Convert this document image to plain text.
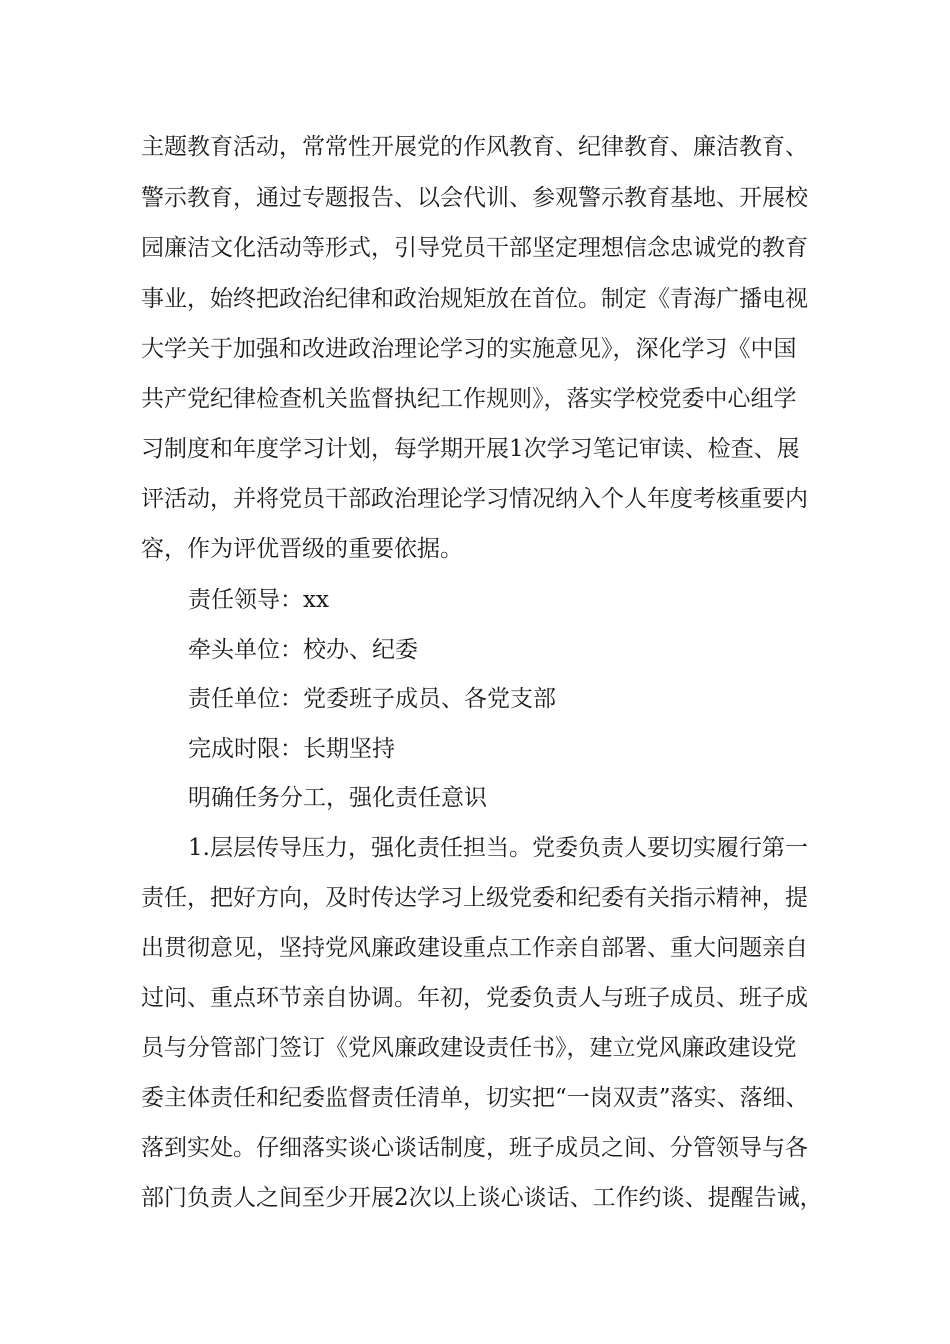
主题教育活动，常常性开展党的作风教育、纪律教育、廉洁教育、
警示教育，通过专题报告、以会代训、参观警示教育基地、开展校
园廉洁文化活动等形式，引导党员干部坚定理想信念忠诚党的教育
事业，始终把政治纪律和政治规矩放在首位。制定《青海广播电视
大学关于加强和改进政治理论学习的实施意见》，深化学习《中国
共产党纪律检查机关监督执纪工作规则》，落实学校党委中心组学
习制度和年度学习计划，每学期开展1次学习笔记审读、检查、展
评活动，并将党员干部政治理论学习情况纳入个人年度考核重要内
容，作为评优晋级的重要依据。
责任领导：xx
牵头单位：校办、纪委
责任单位：党委班子成员、各党支部
完成时限：长期坚持
明确任务分工，强化责任意识
1.层层传导压力，强化责任担当。党委负责人要切实履行第一
责任，把好方向，及时传达学习上级党委和纪委有关指示精神，提
出贯彻意见，坚持党风廉政建设重点工作亲自部署、重大问题亲自
过问、重点环节亲自协调。年初，党委负责人与班子成员、班子成
员与分管部门签订《党风廉政建设责任书》，建立党风廉政建设党
委主体责任和纪委监督责任清单，切实把“一岗双责”落实、落细、
落到实处。仔细落实谈心谈话制度，班子成员之间、分管领导与各
部门负责人之间至少开展2次以上谈心谈话、工作约谈、提醒告诫，
